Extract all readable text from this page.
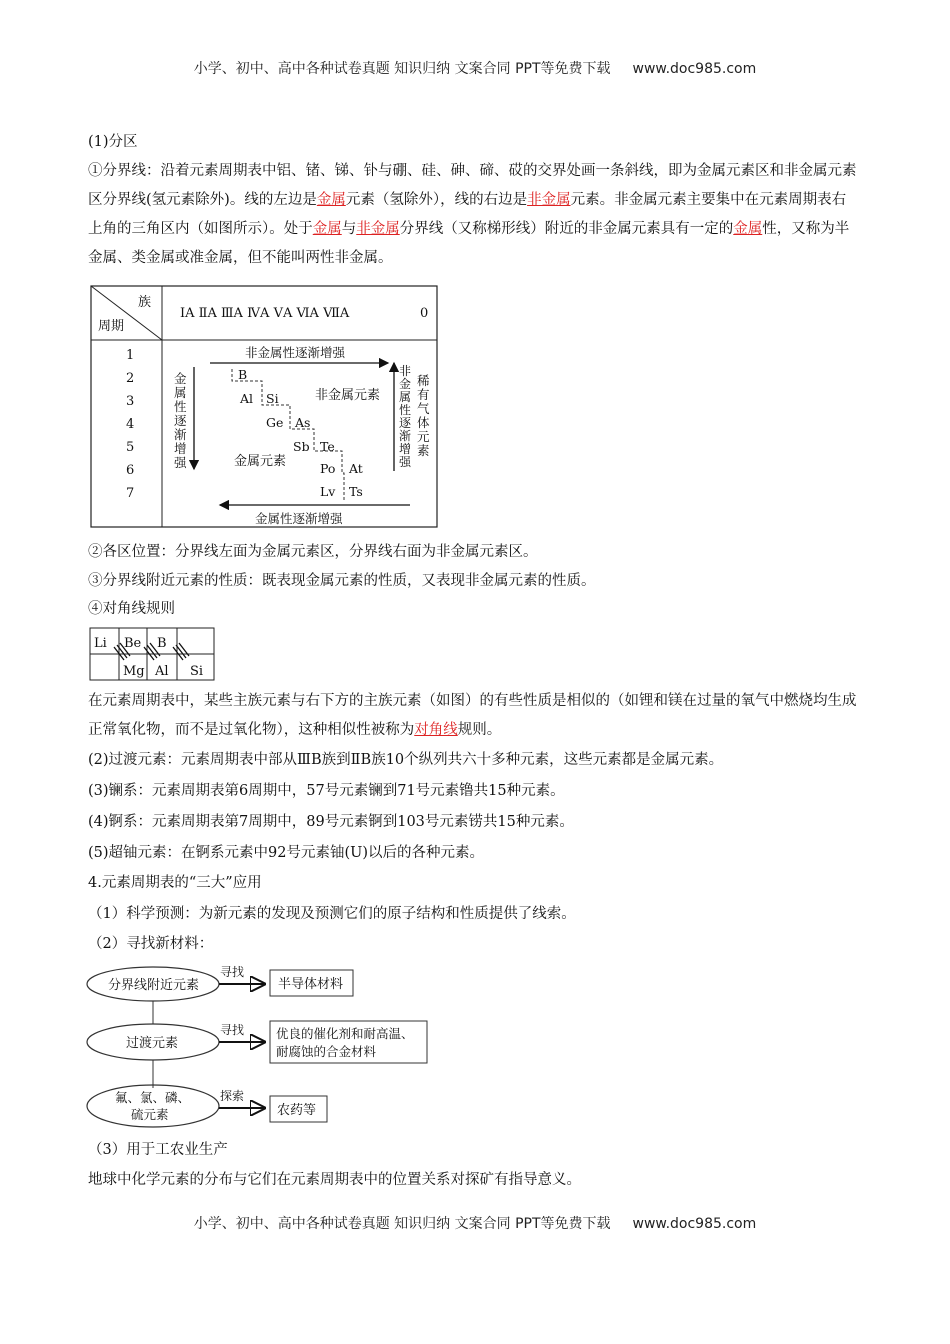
小学、初中、高中各种试卷真题 知识归纳 文案合同 PPT等免费下载 www.doc985.com
(1)分区
①分界线：沿着元素周期表中铝、锗、锑、钋与硼、硅、砷、碲、砹的交界处画一条斜线，即为金属元素区和非金属元素区分界线(氢元素除外)。线的左边是金属元素（氢除外），线的右边是非金属元素。非金属元素主要集中在元素周期表右上角的三角区内（如图所示）。处于金属与非金属分界线（又称梯形线）附近的非金属元素具有一定的金属性，又称为半金属、类金属或准金属，但不能叫两性非金属。
族
周期
ⅠA ⅡA ⅢA ⅣA ⅤA ⅥA ⅦA	0
1
2
3
4
5
6
7
非金属性逐渐增强
金属性逐渐增强
金
属
性
逐
渐
增
强
非
金
属
性
逐
渐
增
强
稀
有
气
体
元
素
非金属元素
金属元素
B
Al Si
Ge As
Sb Te
Po At
Lv Ts
②各区位置：分界线左面为金属元素区，分界线右面为非金属元素区。
③分界线附近元素的性质：既表现金属元素的性质，又表现非金属元素的性质。
④对角线规则
Li Be B
Mg Al Si
在元素周期表中，某些主族元素与右下方的主族元素（如图）的有些性质是相似的（如锂和镁在过量的氧气中燃烧均生成正常氧化物，而不是过氧化物），这种相似性被称为对角线规则。
(2)过渡元素：元素周期表中部从ⅢB族到ⅡB族10个纵列共六十多种元素，这些元素都是金属元素。
(3)镧系：元素周期表第6周期中，57号元素镧到71号元素镥共15种元素。
(4)锕系：元素周期表第7周期中，89号元素锕到103号元素铹共15种元素。
(5)超铀元素：在锕系元素中92号元素铀(U)以后的各种元素。
4.元素周期表的“三大”应用
（1）科学预测：为新元素的发现及预测它们的原子结构和性质提供了线索。
（2）寻找新材料：
分界线附近元素
寻找
半导体材料
过渡元素
寻找	优良的催化剂和耐高温、
耐腐蚀的合金材料
氟、氯、磷、
硫元素
探索
农药等
（3）用于工农业生产
地球中化学元素的分布与它们在元素周期表中的位置关系对探矿有指导意义。
小学、初中、高中各种试卷真题 知识归纳 文案合同 PPT等免费下载 www.doc985.com
